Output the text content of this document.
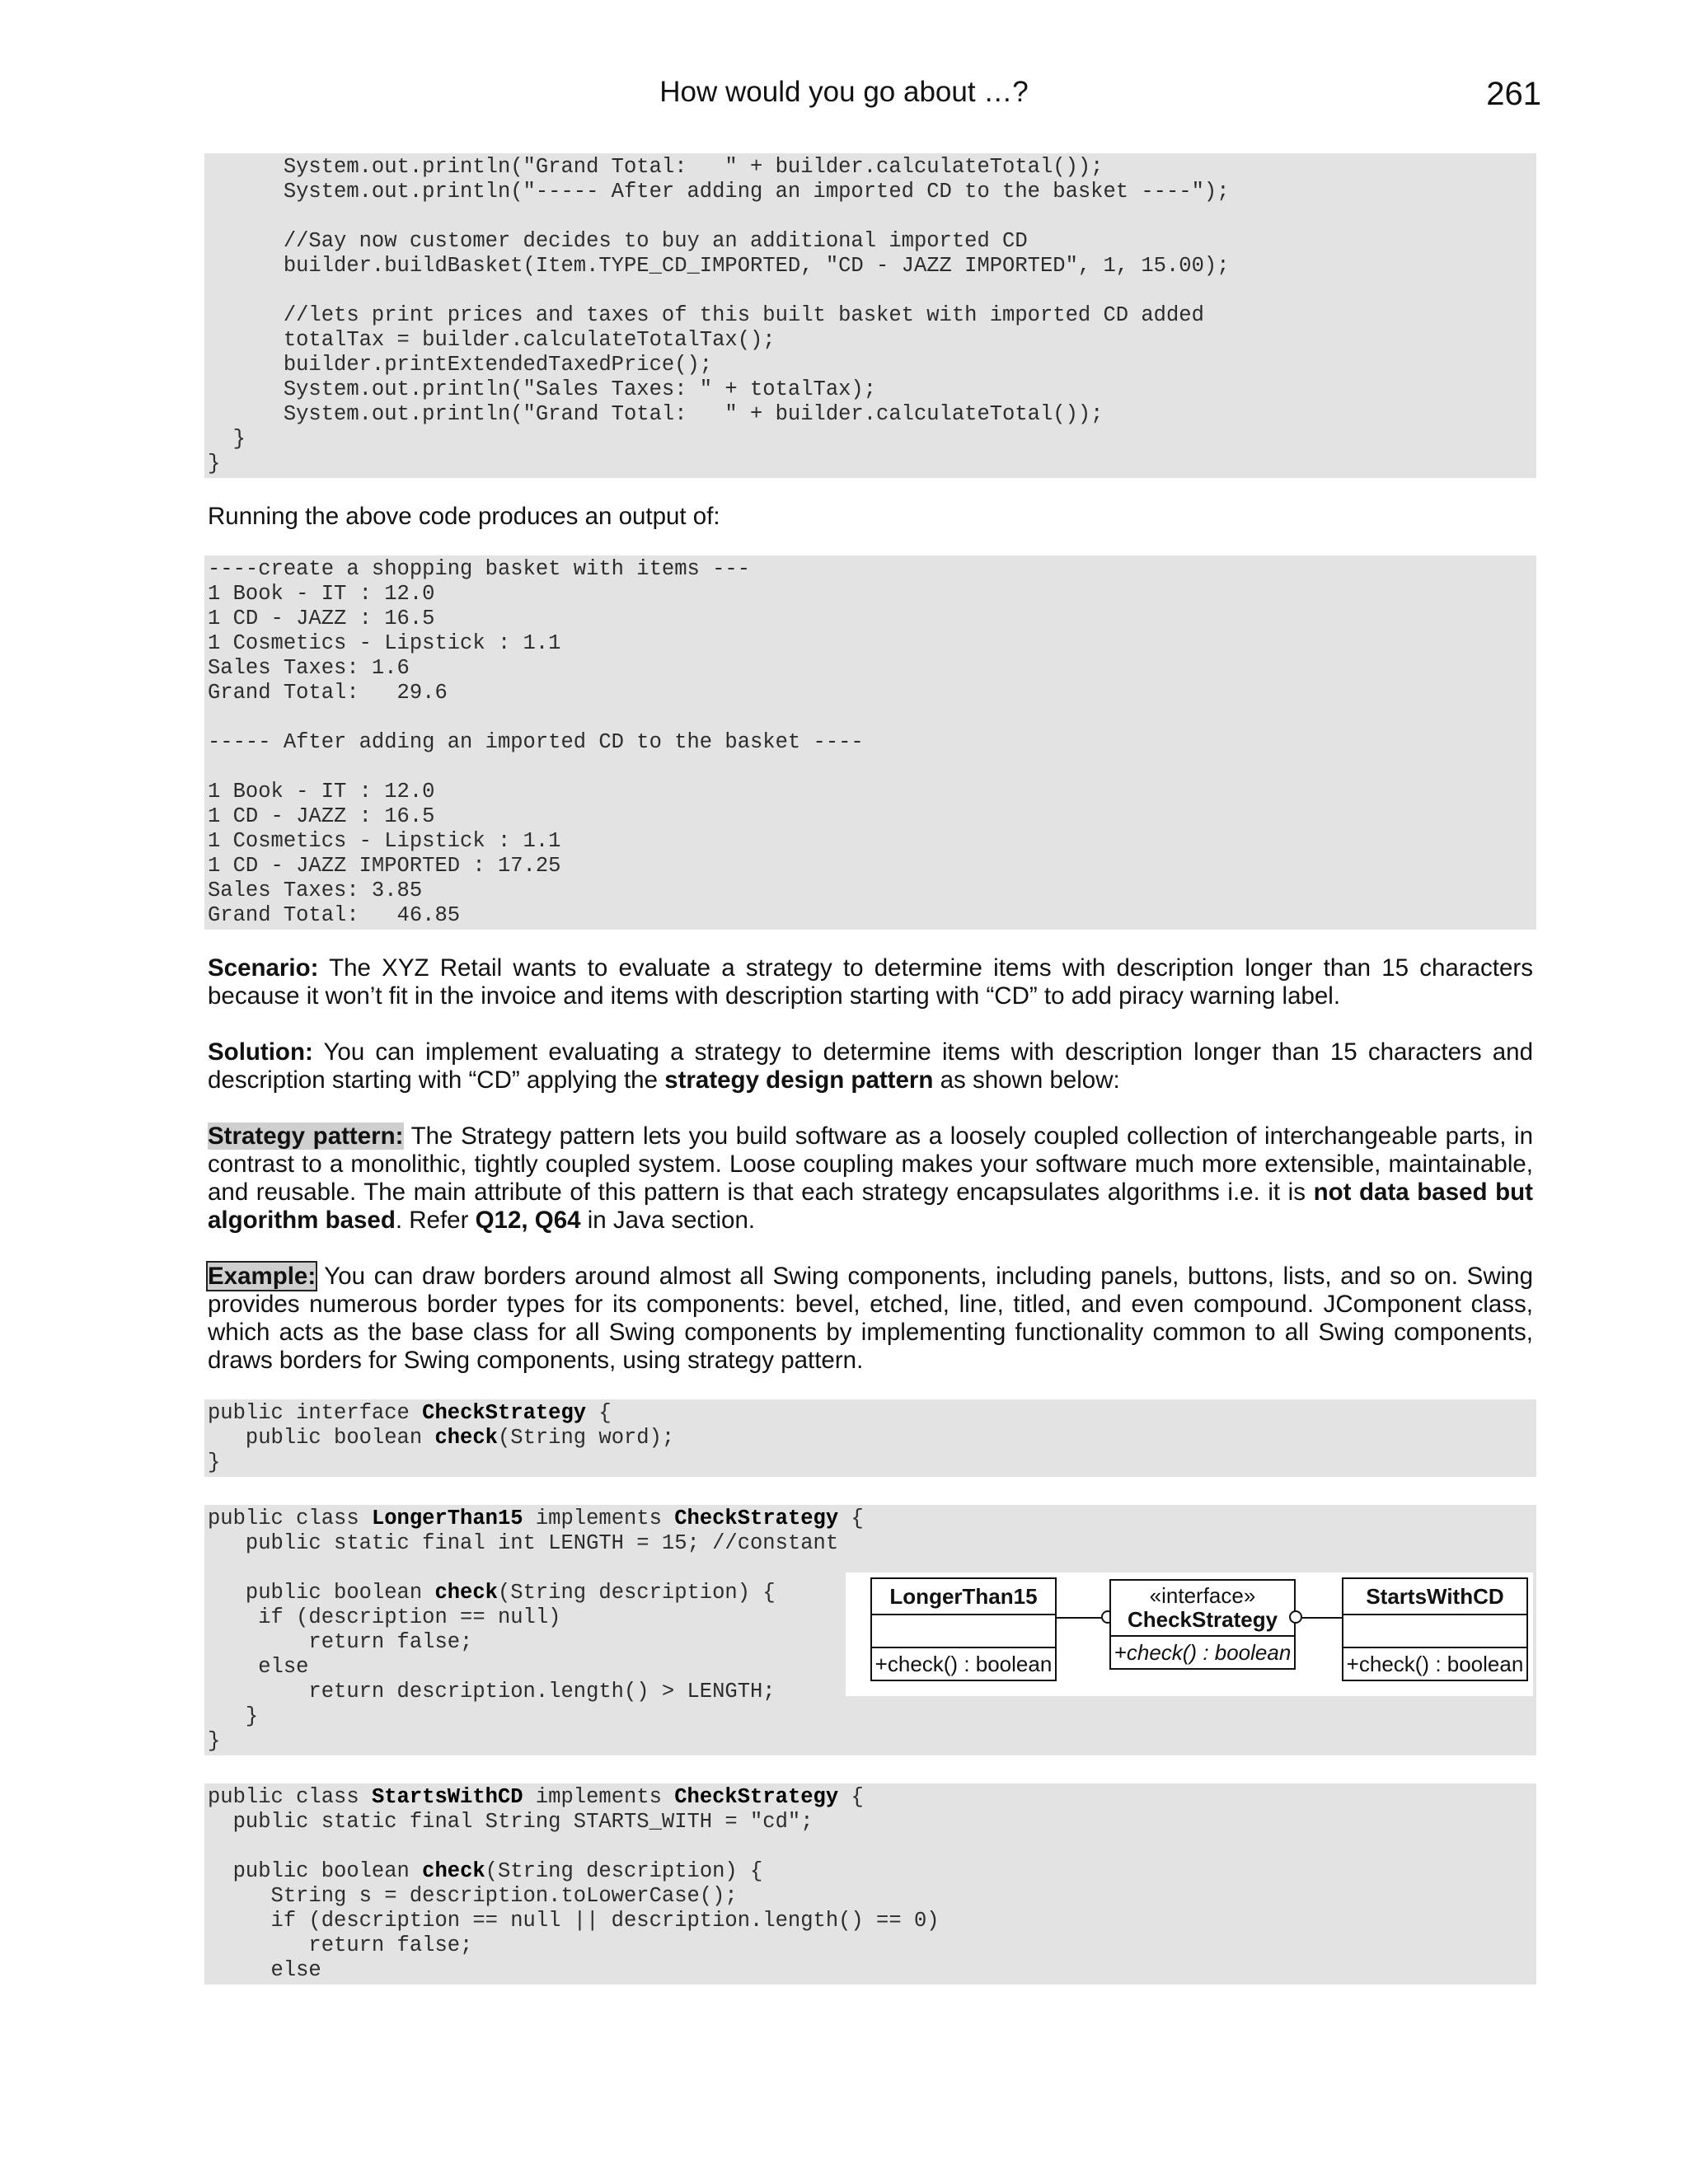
How would you go about …?	261
System.out.println("Grand Total:   " + builder.calculateTotal());
System.out.println("----- After adding an imported CD to the basket ----");
//Say now customer decides to buy an additional imported CD
builder.buildBasket(Item.TYPE_CD_IMPORTED, "CD - JAZZ IMPORTED", 1, 15.00);
//lets print prices and taxes of this built basket with imported CD added
totalTax = builder.calculateTotalTax();
builder.printExtendedTaxedPrice();
System.out.println("Sales Taxes: " + totalTax);
System.out.println("Grand Total:   " + builder.calculateTotal());
}
}

Running the above code produces an output of:

----create a shopping basket with items ---
1 Book - IT : 12.0
1 CD - JAZZ : 16.5
1 Cosmetics - Lipstick : 1.1
Sales Taxes: 1.6
Grand Total:   29.6
----- After adding an imported CD to the basket ----
1 Book - IT : 12.0
1 CD - JAZZ : 16.5
1 Cosmetics - Lipstick : 1.1
1 CD - JAZZ IMPORTED : 17.25
Sales Taxes: 3.85
Grand Total:   46.85

Scenario: The XYZ Retail wants to evaluate a strategy to determine items with description longer than 15 characters because it won’t fit in the invoice and items with description starting with “CD” to add piracy warning label.

Solution: You can implement evaluating a strategy to determine items with description longer than 15 characters and description starting with “CD” applying the strategy design pattern as shown below:

Strategy pattern: The Strategy pattern lets you build software as a loosely coupled collection of interchangeable parts, in contrast to a monolithic, tightly coupled system. Loose coupling makes your software much more extensible, maintainable, and reusable. The main attribute of this pattern is that each strategy encapsulates algorithms i.e. it is not data based but algorithm based. Refer Q12, Q64 in Java section.

Example: You can draw borders around almost all Swing components, including panels, buttons, lists, and so on. Swing provides numerous border types for its components: bevel, etched, line, titled, and even compound. JComponent class, which acts as the base class for all Swing components by implementing functionality common to all Swing components, draws borders for Swing components, using strategy pattern.

public interface CheckStrategy {
public boolean check(String word);
}
public class LongerThan15 implements CheckStrategy {
public static final int LENGTH = 15; //constant
public boolean check(String description) {
if (description == null)
return false;
else
return description.length() > LENGTH;
}
}
LongerThan15
+check() : boolean
«interface»
CheckStrategy
+check() : boolean
StartsWithCD
+check() : boolean
public class StartsWithCD implements CheckStrategy {
public static final String STARTS_WITH = "cd";
public boolean check(String description) {
String s = description.toLowerCase();
if (description == null || description.length() == 0)
return false;
else
